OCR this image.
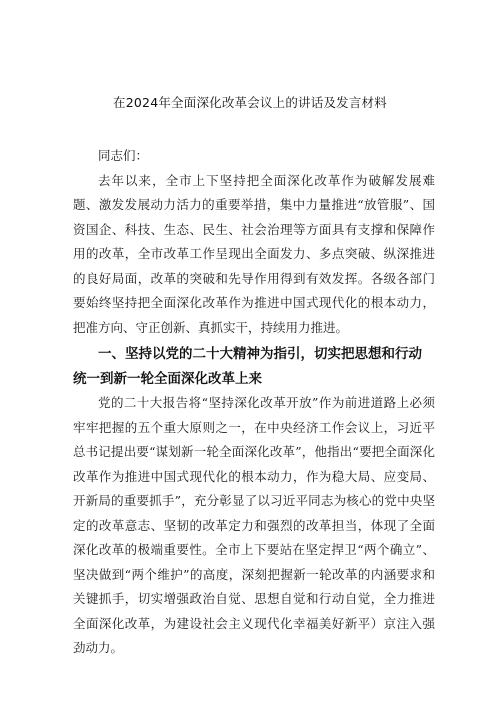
在2024年全面深化改革会议上的讲话及发言材料

同志们：

去年以来，全市上下坚持把全面深化改革作为破解发展难题、激发发展动力活力的重要举措，集中力量推进“放管服”、国资国企、科技、生态、民生、社会治理等方面具有支撑和保障作用的改革，全市改革工作呈现出全面发力、多点突破、纵深推进的良好局面，改革的突破和先导作用得到有效发挥。各级各部门要始终坚持把全面深化改革作为推进中国式现代化的根本动力，把准方向、守正创新、真抓实干，持续用力推进。

一、坚持以党的二十大精神为指引，切实把思想和行动统一到新一轮全面深化改革上来

党的二十大报告将“坚持深化改革开放”作为前进道路上必须牢牢把握的五个重大原则之一，在中央经济工作会议上，习近平总书记提出要“谋划新一轮全面深化改革”，他指出“要把全面深化改革作为推进中国式现代化的根本动力，作为稳大局、应变局、开新局的重要抓手”，充分彰显了以习近平同志为核心的党中央坚定的改革意志、坚韧的改革定力和强烈的改革担当，体现了全面深化改革的极端重要性。全市上下要站在坚定捍卫“两个确立”、坚决做到“两个维护”的高度，深刻把握新一轮改革的内涵要求和关键抓手，切实增强政治自觉、思想自觉和行动自觉，全力推进全面深化改革，为建设社会主义现代化幸福美好新平）京注入强劲动力。
